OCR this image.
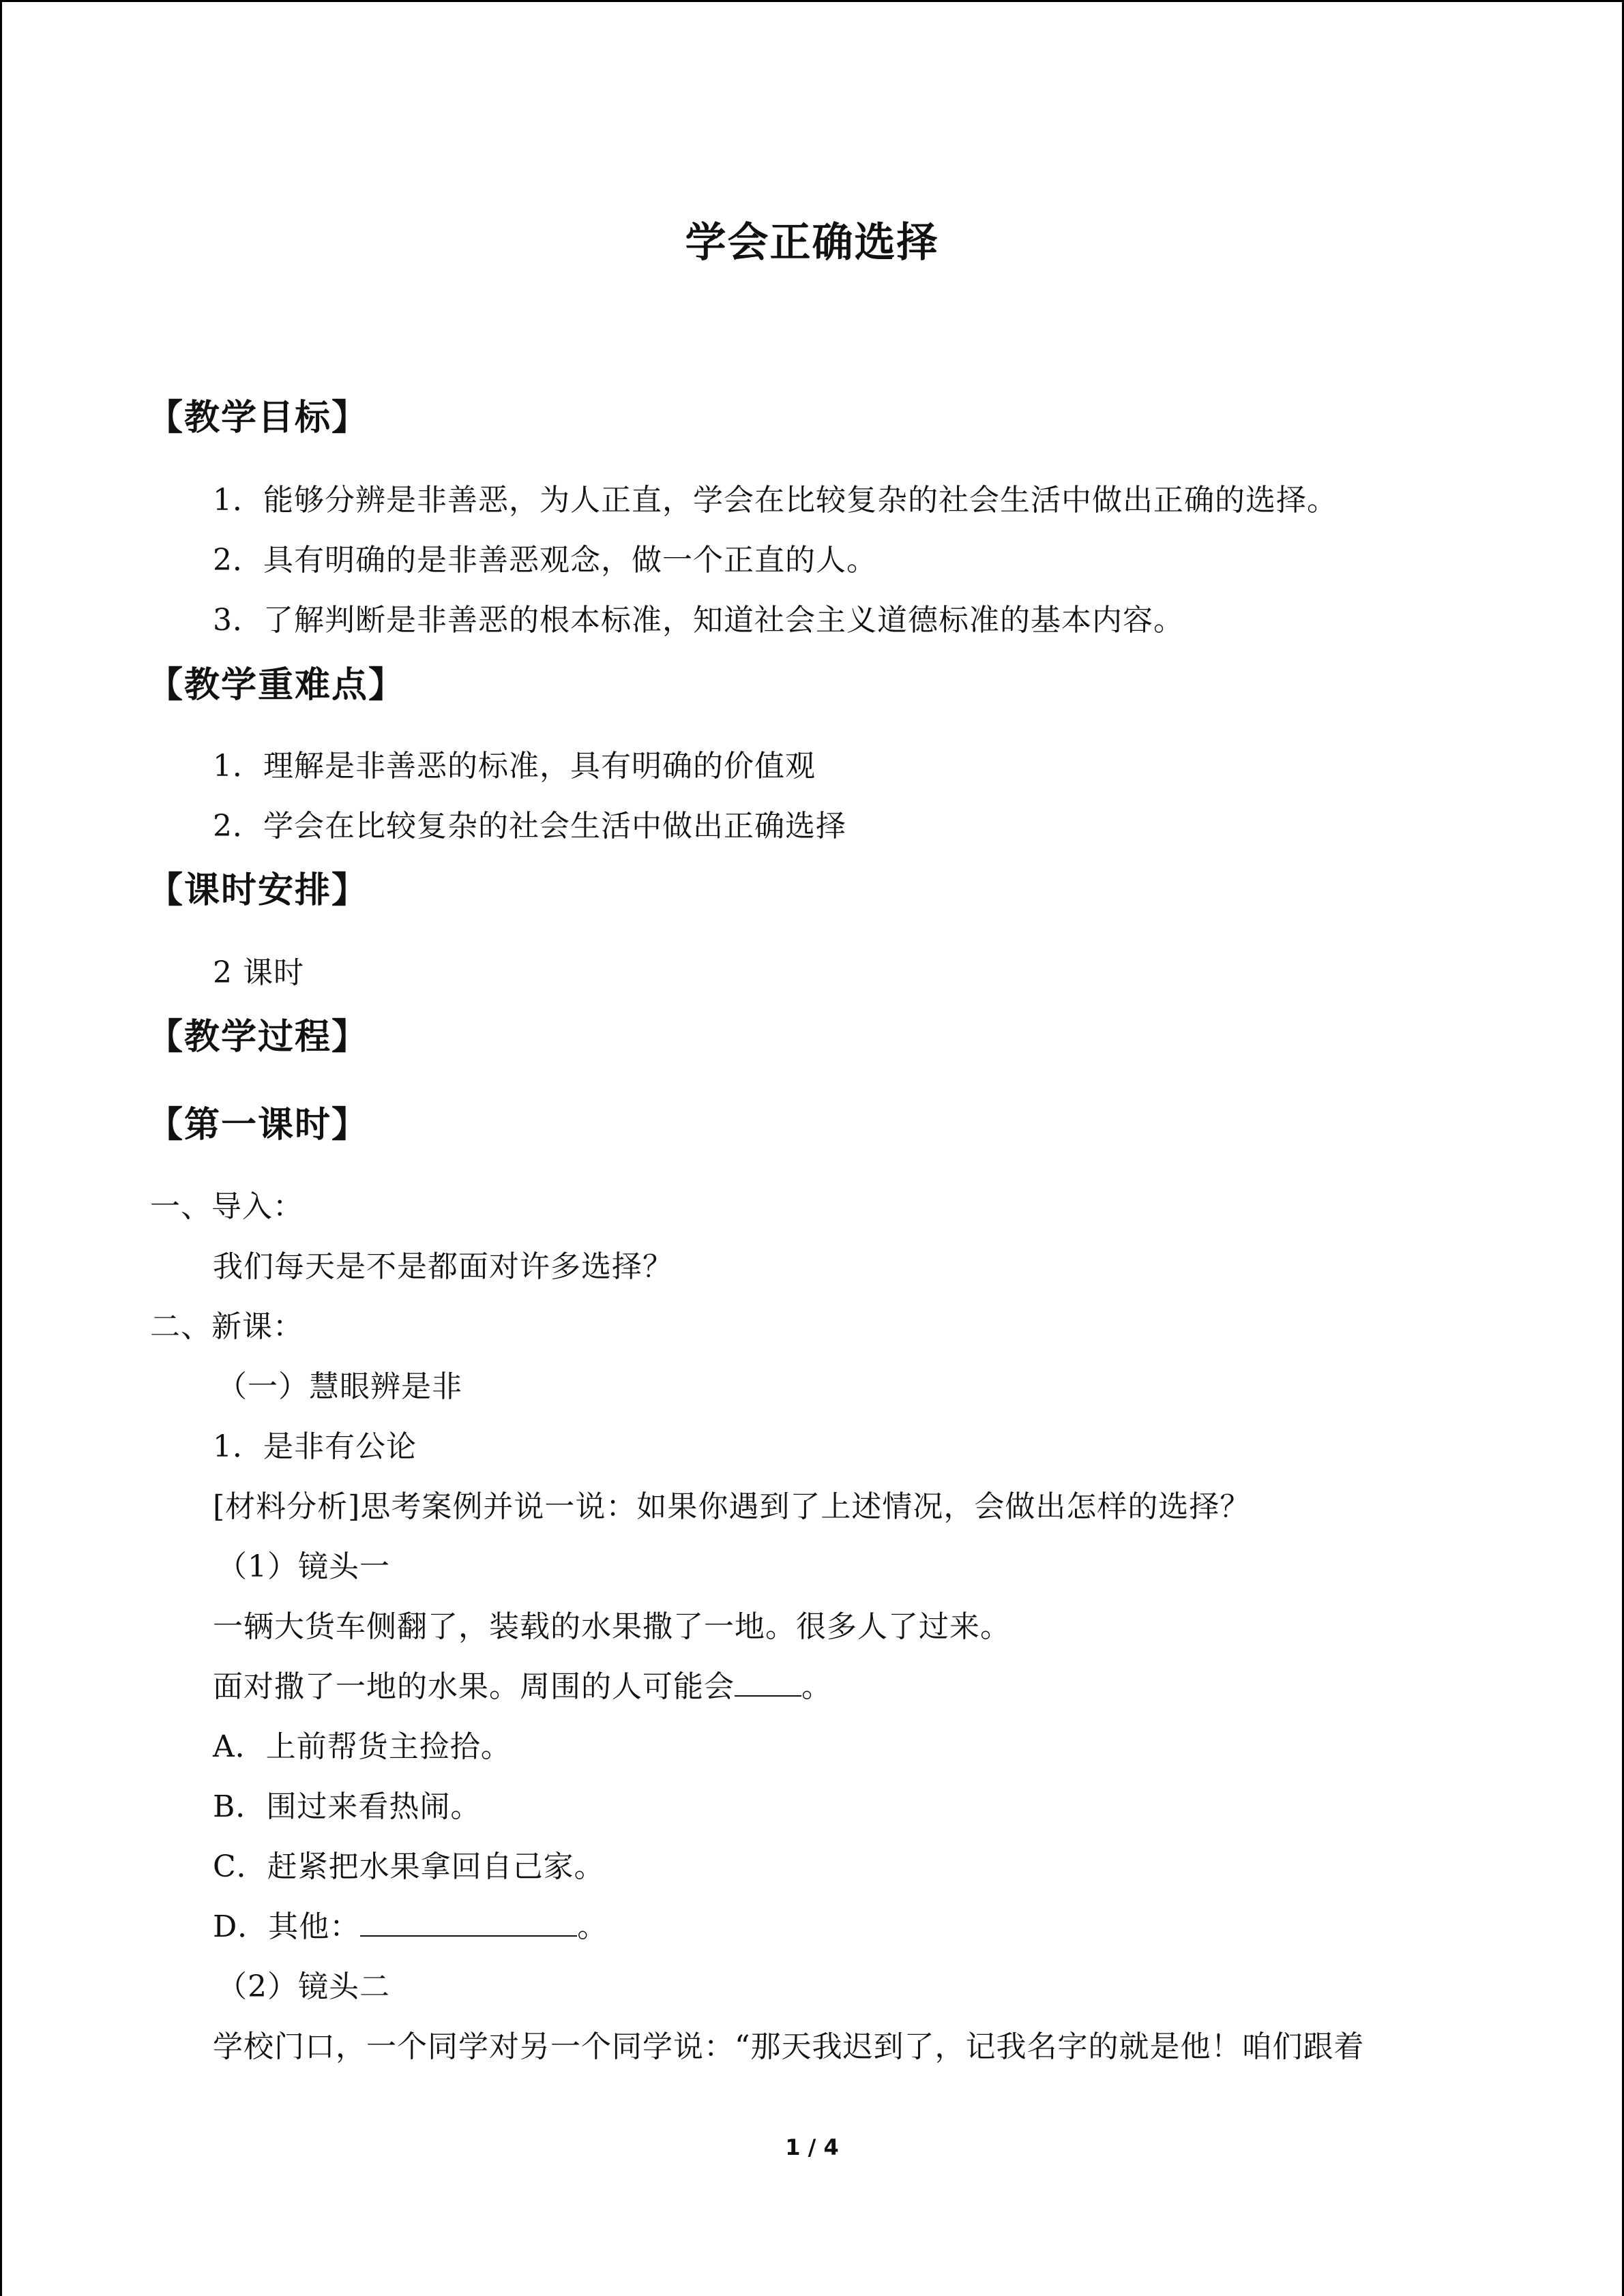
学会正确选择
【教学目标】
1．能够分辨是非善恶，为人正直，学会在比较复杂的社会生活中做出正确的选择。
2．具有明确的是非善恶观念，做一个正直的人。
3．了解判断是非善恶的根本标准，知道社会主义道德标准的基本内容。
【教学重难点】
1．理解是非善恶的标准，具有明确的价值观
2．学会在比较复杂的社会生活中做出正确选择
【课时安排】
2 课时
【教学过程】
【第一课时】
一、导入：
我们每天是不是都面对许多选择？
二、新课：
（一）慧眼辨是非
1．是非有公论
[材料分析]思考案例并说一说：如果你遇到了上述情况，会做出怎样的选择？
（1）镜头一
一辆大货车侧翻了，装载的水果撒了一地。很多人了过来。
面对撒了一地的水果。周围的人可能会 。
A．上前帮货主捡拾。
B．围过来看热闹。
C．赶紧把水果拿回自己家。
D．其他：	。
（2）镜头二
学校门口，一个同学对另一个同学说：“那天我迟到了，记我名字的就是他！咱们跟着
1 / 4
